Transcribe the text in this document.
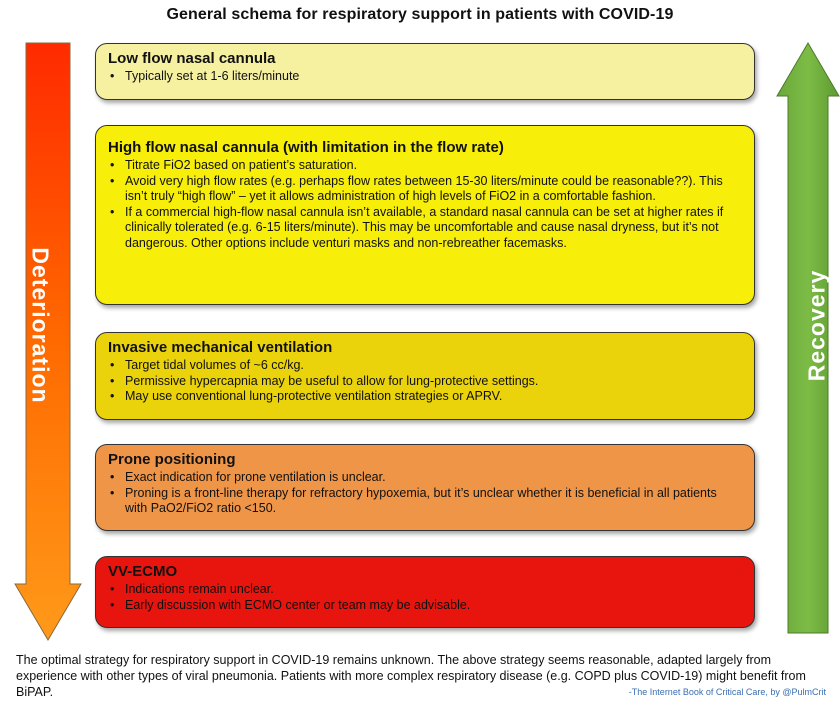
General schema for respiratory support in patients with COVID-19
Deterioration	Recovery
Low flow nasal cannula
• Typically set at 1-6 liters/minute
High flow nasal cannula (with limitation in the flow rate)
• Titrate FiO2 based on patient’s saturation.
• Avoid very high flow rates (e.g. perhaps flow rates between 15-30 liters/minute could be reasonable??). This isn’t truly “high flow” – yet it allows administration of high levels of FiO2 in a comfortable fashion.
• If a commercial high-flow nasal cannula isn’t available, a standard nasal cannula can be set at higher rates if clinically tolerated (e.g. 6-15 liters/minute). This may be uncomfortable and cause nasal dryness, but it’s not dangerous. Other options include venturi masks and non-rebreather facemasks.
Invasive mechanical ventilation
• Target tidal volumes of ~6 cc/kg.
• Permissive hypercapnia may be useful to allow for lung-protective settings.
• May use conventional lung-protective ventilation strategies or APRV.
Prone positioning
• Exact indication for prone ventilation is unclear.
• Proning is a front-line therapy for refractory hypoxemia, but it’s unclear whether it is beneficial in all patients with PaO2/FiO2 ratio <150.
VV-ECMO
• Indications remain unclear.
• Early discussion with ECMO center or team may be advisable.
The optimal strategy for respiratory support in COVID-19 remains unknown. The above strategy seems reasonable, adapted largely from experience with other types of viral pneumonia. Patients with more complex respiratory disease (e.g. COPD plus COVID-19) might benefit from BiPAP.	-The Internet Book of Critical Care, by @PulmCrit
